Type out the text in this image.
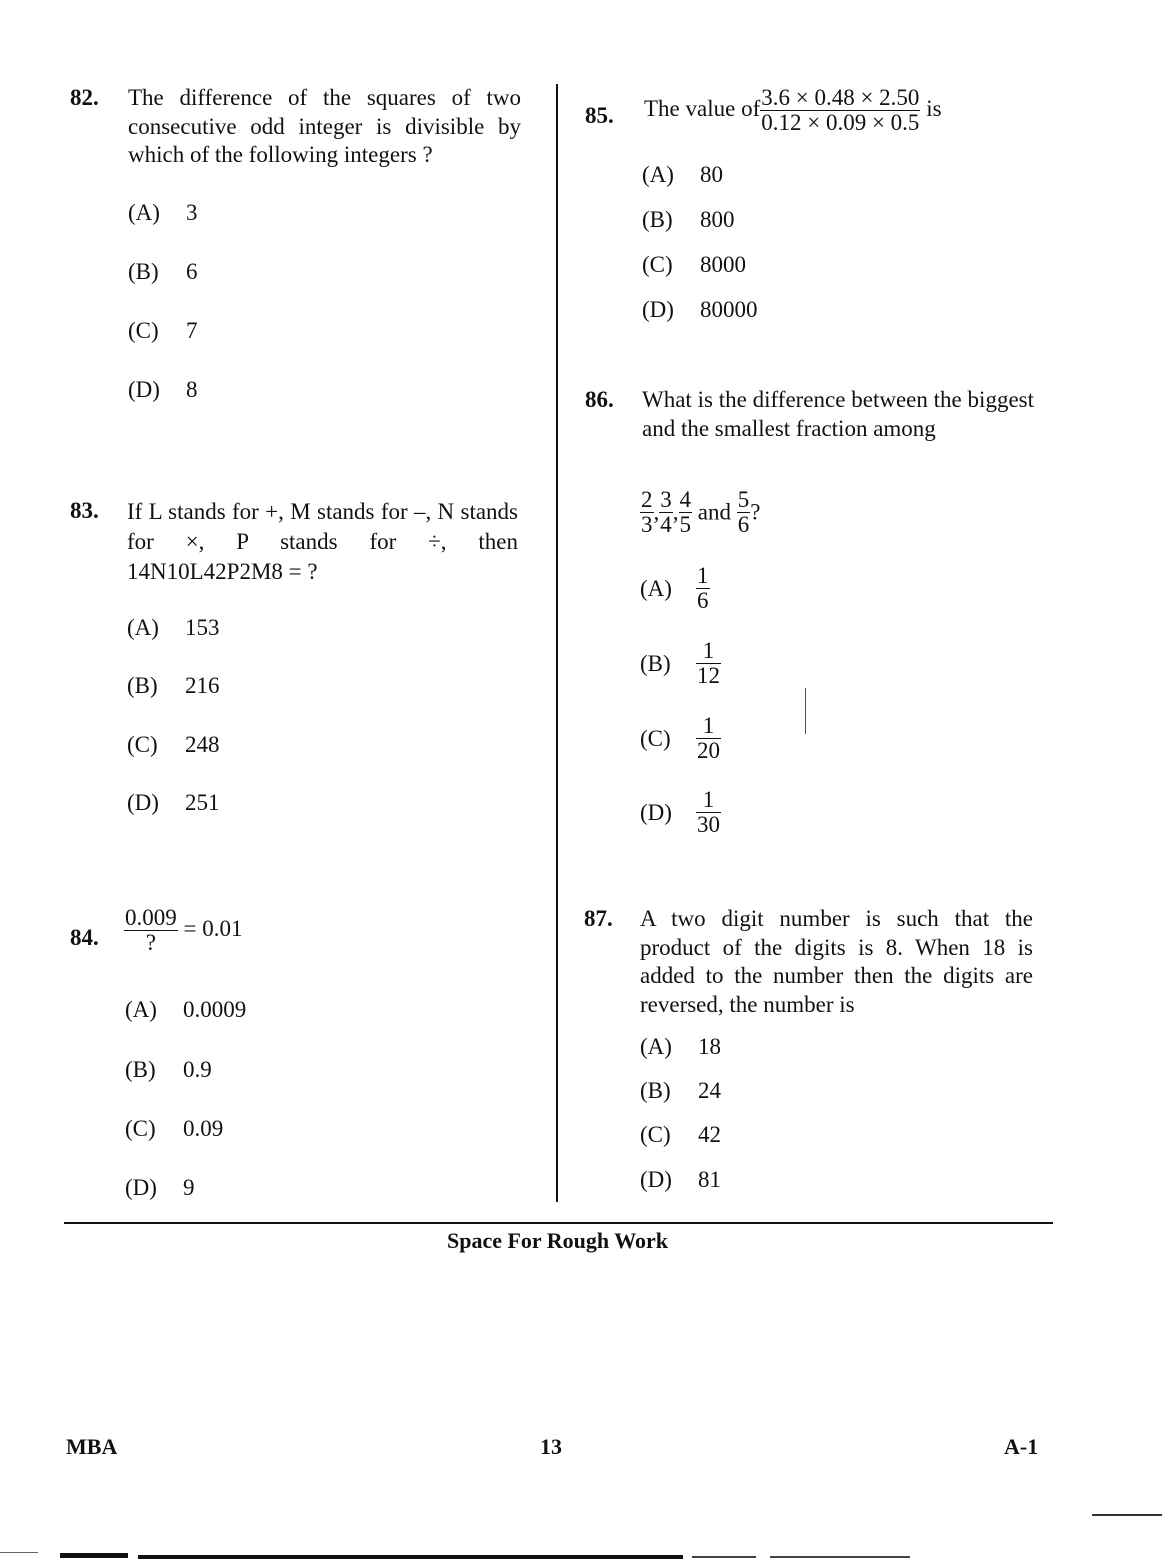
82. The difference of the squares of two consecutive odd integer is divisible by which of the following integers ?
(A) 3
(B) 6
(C) 7
(D) 8
83. If L stands for +, M stands for –, N stands for ×, P stands for ÷, then 14N10L42P2M8 = ?
(A) 153
(B) 216
(C) 248
(D) 251
84. $\frac{0.009}{?} = 0.01$
(A) 0.0009
(B) 0.9
(C) 0.09
(D) 9
85. The value of $\frac{3.6 \times 0.48 \times 2.50}{0.12 \times 0.09 \times 0.5}$ is
(A) 80
(B) 800
(C) 8000
(D) 80000
86. What is the difference between the biggest and the smallest fraction among
$\frac{2}{3}$ , $\frac{3}{4}$ , $\frac{4}{5}$ and $\frac{5}{6}$ ?
$(A) \frac{1}{6}$
$(B) \frac{1}{12}$
$(C) \frac{1}{20}$
$(D) \frac{1}{30}$
87. A two digit number is such that the product of the digits is 8. When 18 is added to the number then the digits are reversed, the number is
(A) 18
(B) 24
(C) 42
(D) 81
Space For Rough Work
MBA	13	A-1
